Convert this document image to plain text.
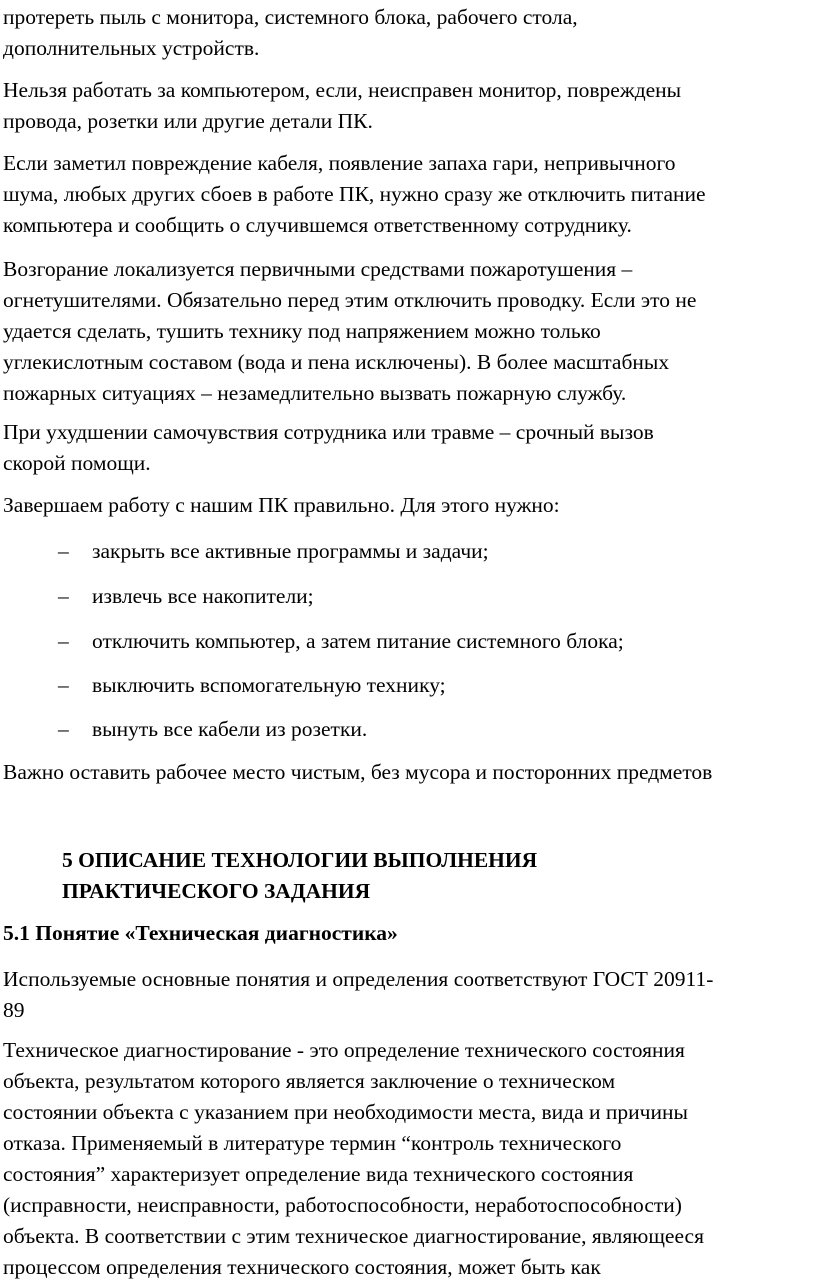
протереть пыль с монитора, системного блока, рабочего стола,
дополнительных устройств.

Нельзя работать за компьютером, если, неисправен монитор, повреждены
провода, розетки или другие детали ПК.

Если заметил повреждение кабеля, появление запаха гари, непривычного
шума, любых других сбоев в работе ПК, нужно сразу же отключить питание
компьютера и сообщить о случившемся ответственному сотруднику.

Возгорание локализуется первичными средствами пожаротушения –
огнетушителями. Обязательно перед этим отключить проводку. Если это не
удается сделать, тушить технику под напряжением можно только
углекислотным составом (вода и пена исключены). В более масштабных
пожарных ситуациях – незамедлительно вызвать пожарную службу.

При ухудшении самочувствия сотрудника или травме – срочный вызов
скорой помощи.

Завершаем работу с нашим ПК правильно. Для этого нужно:

– закрыть все активные программы и задачи;
– извлечь все накопители;
– отключить компьютер, а затем питание системного блока;
– выключить вспомогательную технику;
– вынуть все кабели из розетки.

Важно оставить рабочее место чистым, без мусора и посторонних предметов

5 ОПИСАНИЕ ТЕХНОЛОГИИ ВЫПОЛНЕНИЯ
ПРАКТИЧЕСКОГО ЗАДАНИЯ
5.1 Понятие «Техническая диагностика»

Используемые основные понятия и определения соответствуют ГОСТ 20911-
89

Техническое диагностирование - это определение технического состояния
объекта, результатом которого является заключение о техническом
состоянии объекта с указанием при необходимости места, вида и причины
отказа. Применяемый в литературе термин “контроль технического
состояния” характеризует определение вида технического состояния
(исправности, неисправности, работоспособности, неработоспособности)
объекта. В соответствии с этим техническое диагностирование, являющееся
процессом определения технического состояния, может быть как
